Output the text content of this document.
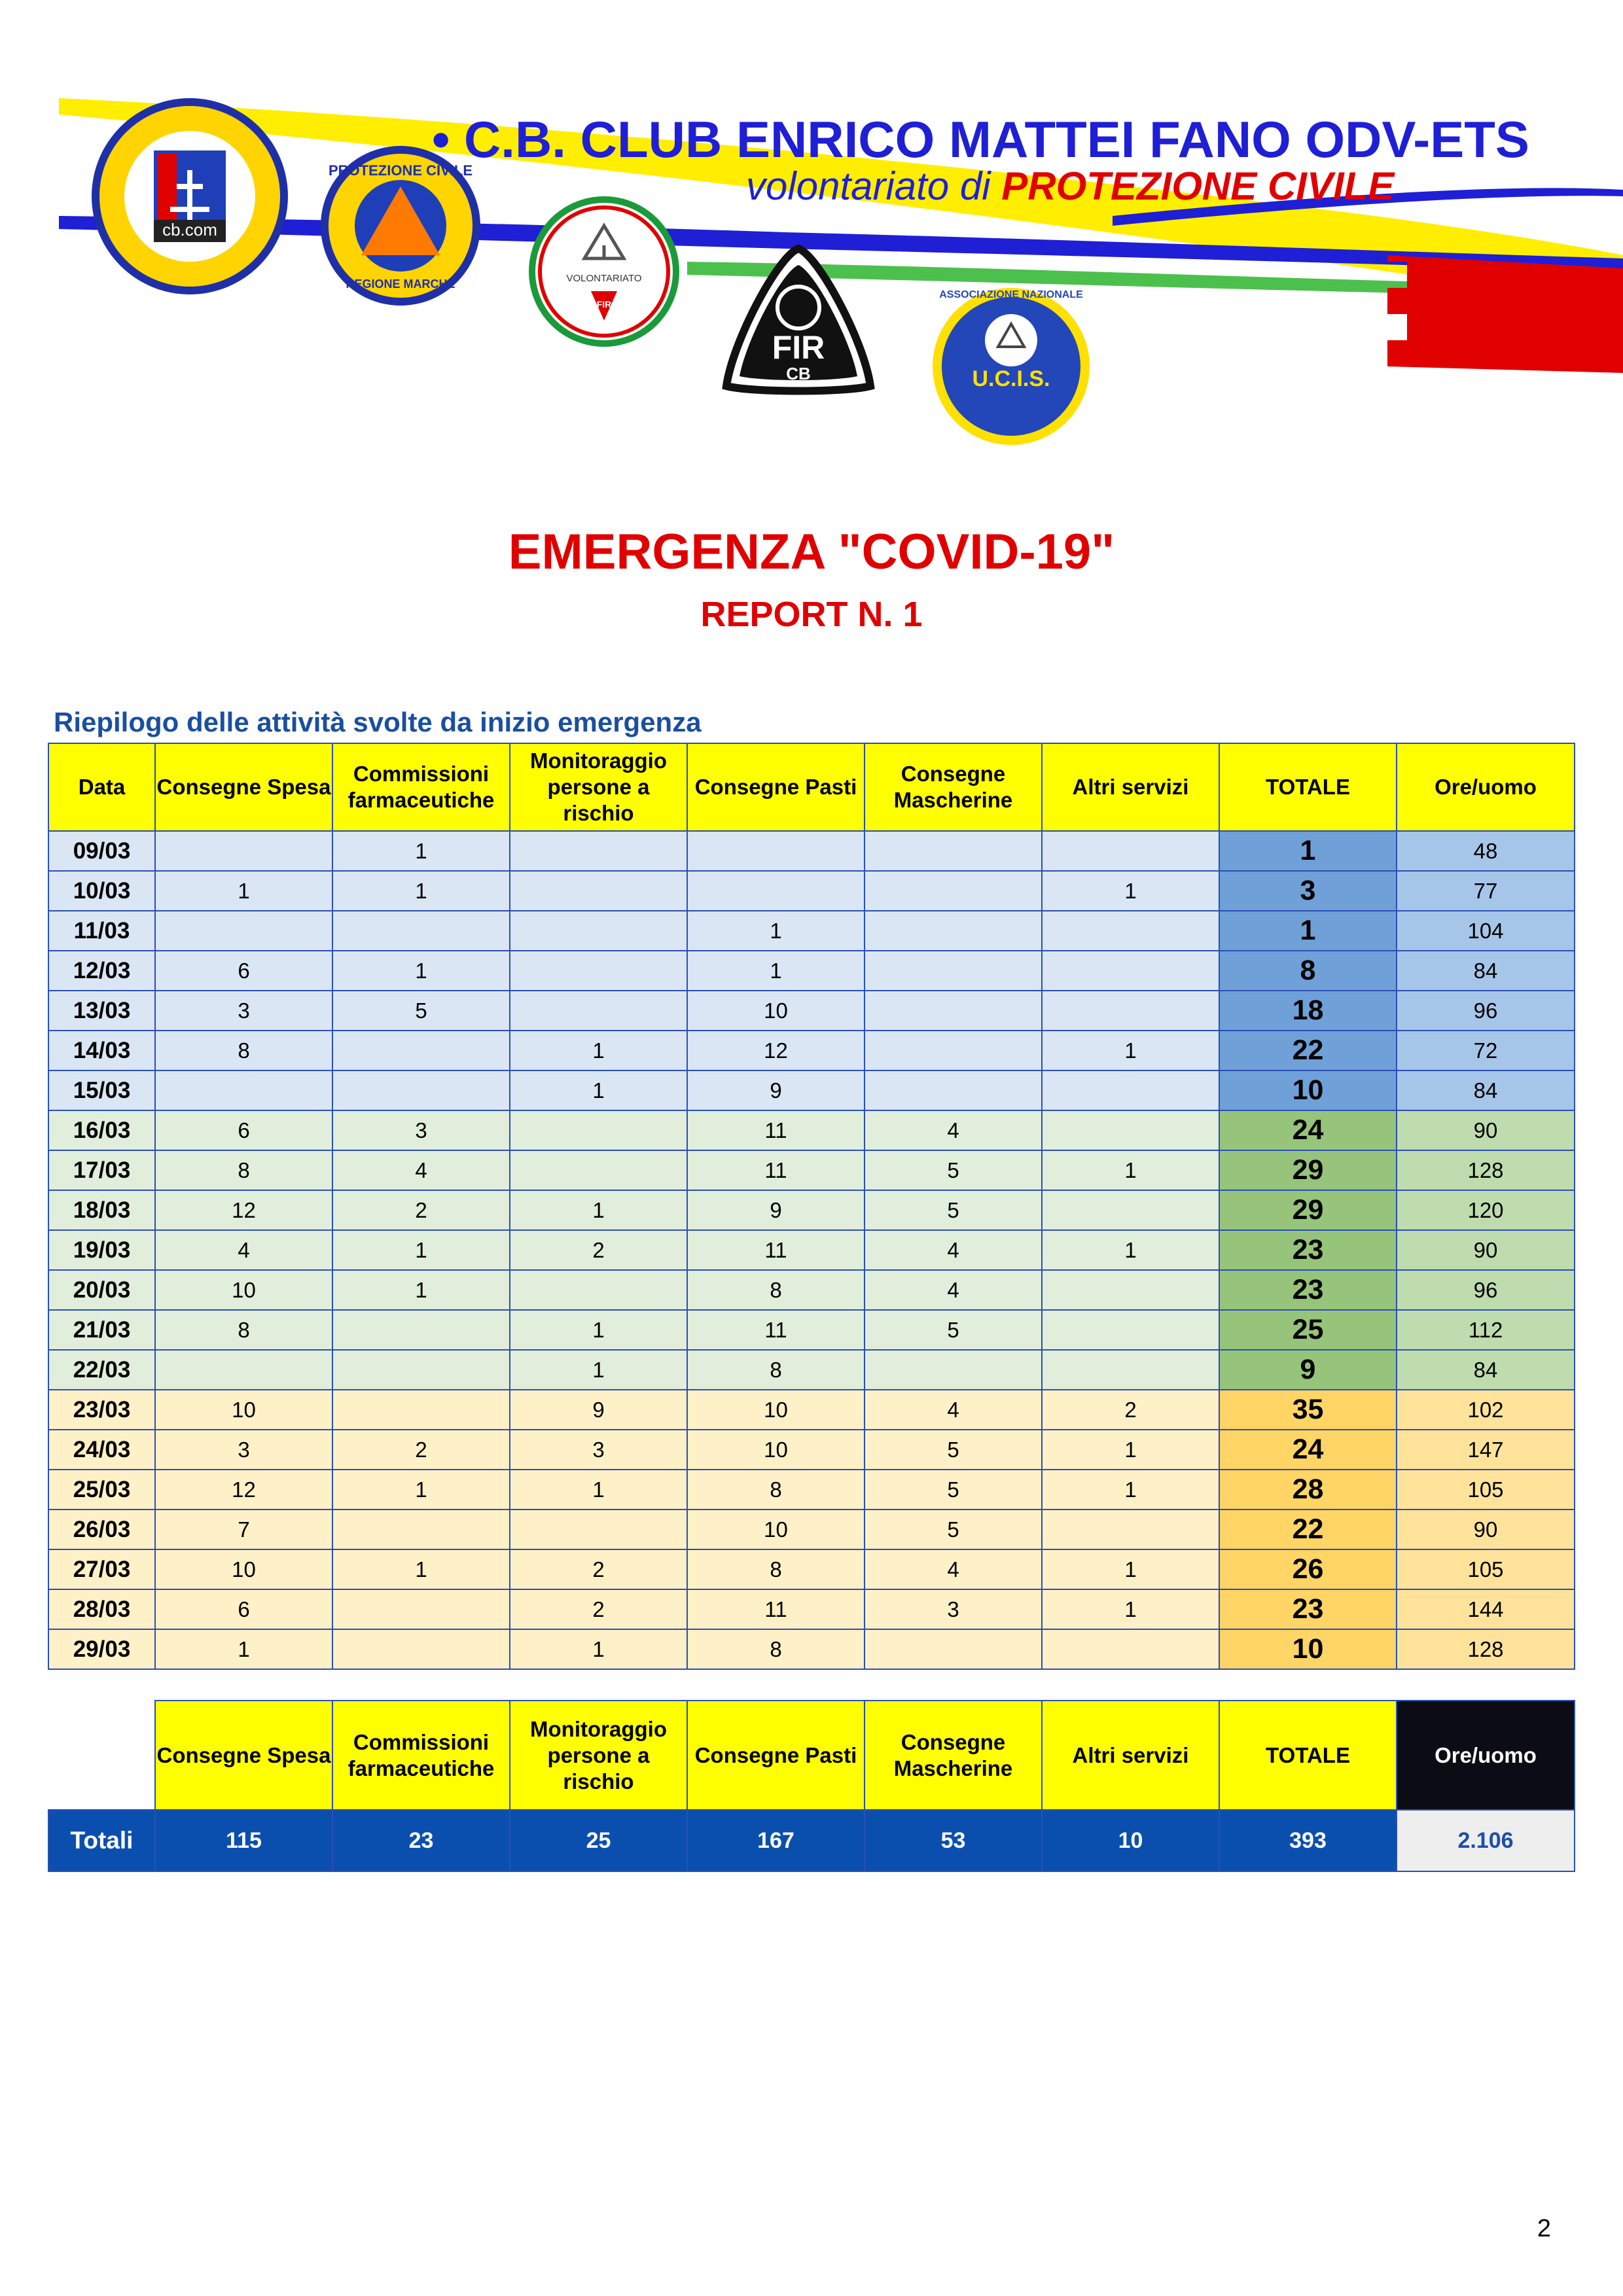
cb.com
PROTEZIONE CIVILE
REGIONE MARCHE	VOLONTARIATO
FIR
FIR
CB	U.C.I.S.
ASSOCIAZIONE NAZIONALE
• C.B. CLUB ENRICO MATTEI FANO ODV-ETS
volontariato di PROTEZIONE CIVILE
EMERGENZA "COVID-19"
REPORT N. 1
Riepilogo delle attività svolte da inizio emergenza
Data	Consegne Spesa	Commissioni farmaceutiche	Monitoraggio persone a rischio	Consegne Pasti	Consegne Mascherine	Altri servizi	TOTALE	Ore/uomo
09/03		1					1	48
10/03	1	1				1	3	77
11/03				1			1	104
12/03	6	1		1			8	84
13/03	3	5		10			18	96
14/03	8		1	12		1	22	72
15/03			1	9			10	84
16/03	6	3		11	4		24	90
17/03	8	4		11	5	1	29	128
18/03	12	2	1	9	5		29	120
19/03	4	1	2	11	4	1	23	90
20/03	10	1		8	4		23	96
21/03	8		1	11	5		25	112
22/03			1	8			9	84
23/03	10		9	10	4	2	35	102
24/03	3	2	3	10	5	1	24	147
25/03	12	1	1	8	5	1	28	105
26/03	7			10	5		22	90
27/03	10	1	2	8	4	1	26	105
28/03	6		2	11	3	1	23	144
29/03	1		1	8			10	128
	Consegne Spesa	Commissioni farmaceutiche	Monitoraggio persone a rischio	Consegne Pasti	Consegne Mascherine	Altri servizi	TOTALE	Ore/uomo
Totali	115	23	25	167	53	10	393	2.106
2
